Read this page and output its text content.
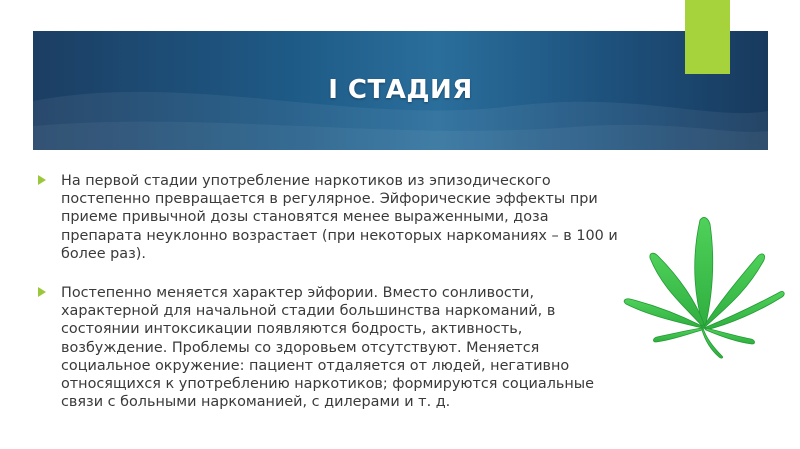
I СТАДИЯ
На первой стадии употребление наркотиков из эпизодического постепенно превращается в регулярное. Эйфорические эффекты при приеме привычной дозы становятся менее выраженными, доза препарата неуклонно возрастает (при некоторых наркоманиях – в 100 и более раз).
Постепенно меняется характер эйфории. Вместо сонливости, характерной для начальной стадии большинства наркоманий, в состоянии интоксикации появляются бодрость, активность, возбуждение. Проблемы со здоровьем отсутствуют. Меняется социальное окружение: пациент отдаляется от людей, негативно относящихся к употреблению наркотиков; формируются социальные связи с больными наркоманией, с дилерами и т. д.
